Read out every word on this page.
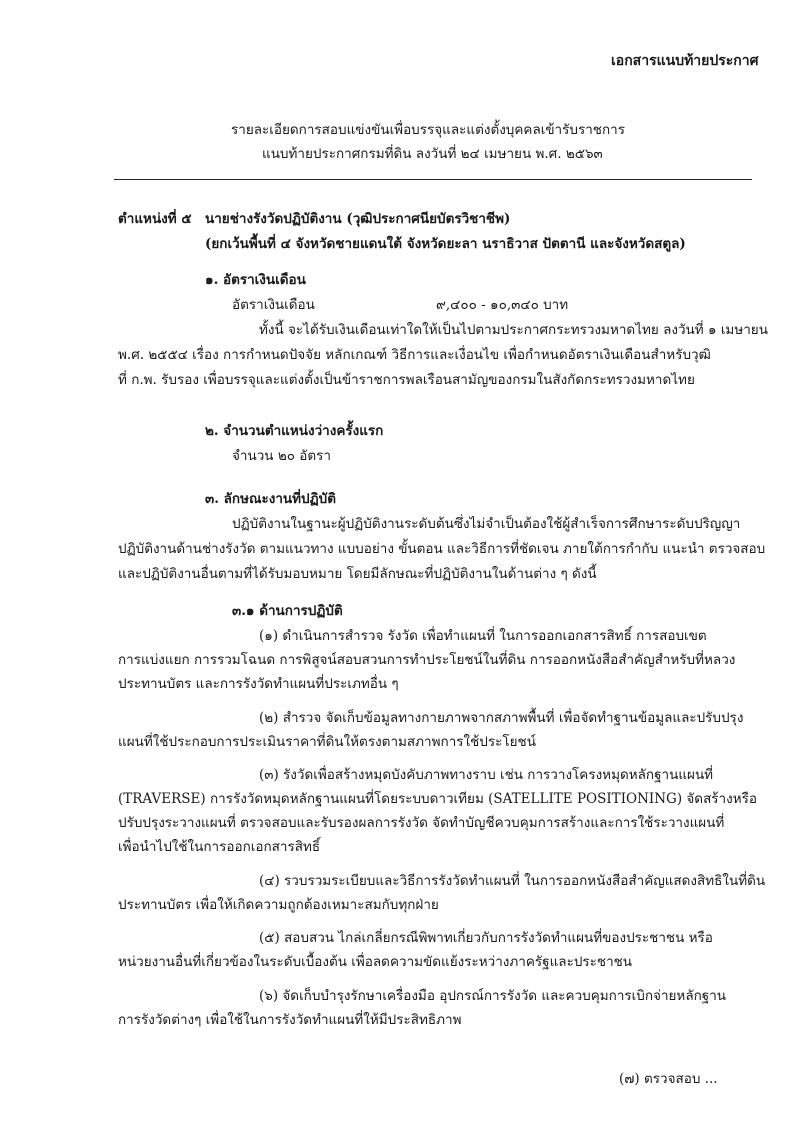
เอกสารแนบท้ายประกาศ
รายละเอียดการสอบแข่งขันเพื่อบรรจุและแต่งตั้งบุคคลเข้ารับราชการ
แนบท้ายประกาศกรมที่ดิน ลงวันที่ ๒๔ เมษายน พ.ศ. ๒๕๖๓
ตำแหน่งที่ ๕ นายช่างรังวัดปฏิบัติงาน (วุฒิประกาศนียบัตรวิชาชีพ)
(ยกเว้นพื้นที่ ๔ จังหวัดชายแดนใต้ จังหวัดยะลา นราธิวาส ปัตตานี และจังหวัดสตูล)
๑. อัตราเงินเดือน
อัตราเงินเดือน	๙,๔๐๐ - ๑๐,๓๔๐ บาท
ทั้งนี้ จะได้รับเงินเดือนเท่าใดให้เป็นไปตามประกาศกระทรวงมหาดไทย ลงวันที่ ๑ เมษายน
พ.ศ. ๒๕๕๔ เรื่อง การกำหนดปัจจัย หลักเกณฑ์ วิธีการและเงื่อนไข เพื่อกำหนดอัตราเงินเดือนสำหรับวุฒิ
ที่ ก.พ. รับรอง เพื่อบรรจุและแต่งตั้งเป็นข้าราชการพลเรือนสามัญของกรมในสังกัดกระทรวงมหาดไทย
๒. จำนวนตำแหน่งว่างครั้งแรก
จำนวน ๒๐ อัตรา
๓. ลักษณะงานที่ปฏิบัติ
ปฏิบัติงานในฐานะผู้ปฏิบัติงานระดับต้นซึ่งไม่จำเป็นต้องใช้ผู้สำเร็จการศึกษาระดับปริญญา
ปฏิบัติงานด้านช่างรังวัด ตามแนวทาง แบบอย่าง ขั้นตอน และวิธีการที่ชัดเจน ภายใต้การกำกับ แนะนำ ตรวจสอบ
และปฏิบัติงานอื่นตามที่ได้รับมอบหมาย โดยมีลักษณะที่ปฏิบัติงานในด้านต่าง ๆ ดังนี้
๓.๑ ด้านการปฏิบัติ
(๑) ดำเนินการสำรวจ รังวัด เพื่อทำแผนที่ ในการออกเอกสารสิทธิ์ การสอบเขต
การแบ่งแยก การรวมโฉนด การพิสูจน์สอบสวนการทำประโยชน์ในที่ดิน การออกหนังสือสำคัญสำหรับที่หลวง
ประทานบัตร และการรังวัดทำแผนที่ประเภทอื่น ๆ
(๒) สำรวจ จัดเก็บข้อมูลทางกายภาพจากสภาพพื้นที่ เพื่อจัดทำฐานข้อมูลและปรับปรุง
แผนที่ใช้ประกอบการประเมินราคาที่ดินให้ตรงตามสภาพการใช้ประโยชน์
(๓) รังวัดเพื่อสร้างหมุดบังคับภาพทางราบ เช่น การวางโครงหมุดหลักฐานแผนที่
(TRAVERSE) การรังวัดหมุดหลักฐานแผนที่โดยระบบดาวเทียม (SATELLITE POSITIONING) จัดสร้างหรือ
ปรับปรุงระวางแผนที่ ตรวจสอบและรับรองผลการรังวัด จัดทำบัญชีควบคุมการสร้างและการใช้ระวางแผนที่
เพื่อนำไปใช้ในการออกเอกสารสิทธิ์
(๔) รวบรวมระเบียบและวิธีการรังวัดทำแผนที่ ในการออกหนังสือสำคัญแสดงสิทธิในที่ดิน
ประทานบัตร เพื่อให้เกิดความถูกต้องเหมาะสมกับทุกฝ่าย
(๕) สอบสวน ไกล่เกลี่ยกรณีพิพาทเกี่ยวกับการรังวัดทำแผนที่ของประชาชน หรือ
หน่วยงานอื่นที่เกี่ยวข้องในระดับเบื้องต้น เพื่อลดความขัดแย้งระหว่างภาครัฐและประชาชน
(๖) จัดเก็บบำรุงรักษาเครื่องมือ อุปกรณ์การรังวัด และควบคุมการเบิกจ่ายหลักฐาน
การรังวัดต่างๆ เพื่อใช้ในการรังวัดทำแผนที่ให้มีประสิทธิภาพ
(๗) ตรวจสอบ ...
